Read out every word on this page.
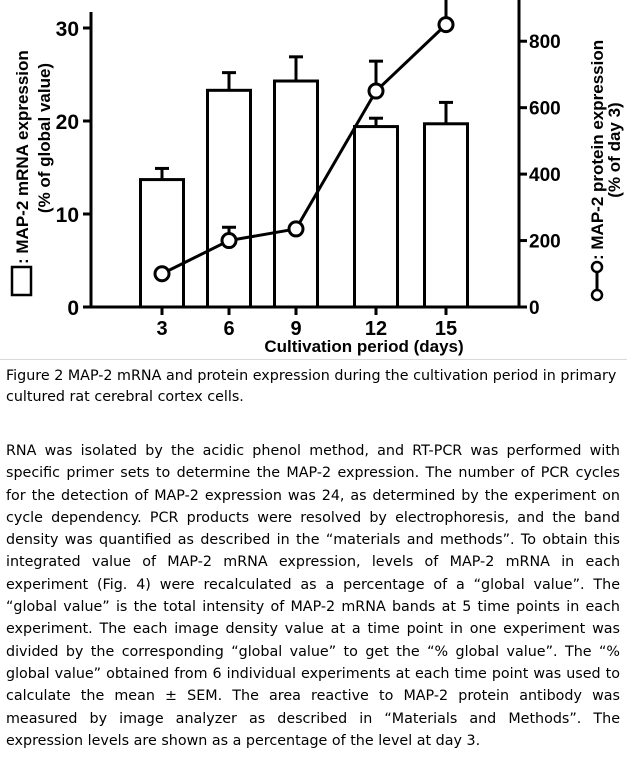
0
10
20
30
0
200
400
600
800
3	6	9	12 15
Cultivation period (days)
: MAP-2 mRNA expression (% of global value)	: MAP-2 protein expression
(% of day 3)
Figure 2 MAP-2 mRNA and protein expression during the cultivation period in primary cultured rat cerebral cortex cells.
RNA was isolated by the acidic phenol method, and RT-PCR was performed with specific primer sets to determine the MAP-2 expression. The number of PCR cycles for the detection of MAP-2 expression was 24, as determined by the experiment on cycle dependency. PCR products were resolved by electrophoresis, and the band density was quantified as described in the “materials and methods”. To obtain this integrated value of MAP-2 mRNA expression, levels of MAP-2 mRNA in each experiment (Fig. 4) were recalculated as a percentage of a “global value”. The “global value” is the total intensity of MAP-2 mRNA bands at 5 time points in each experiment. The each image density value at a time point in one experiment was divided by the corresponding “global value” to get the “% global value”. The “% global value” obtained from 6 individual experiments at each time point was used to calculate the mean ± SEM. The area reactive to MAP-2 protein antibody was measured by image analyzer as described in “Materials and Methods”. The expression levels are shown as a percentage of the level at day 3.
